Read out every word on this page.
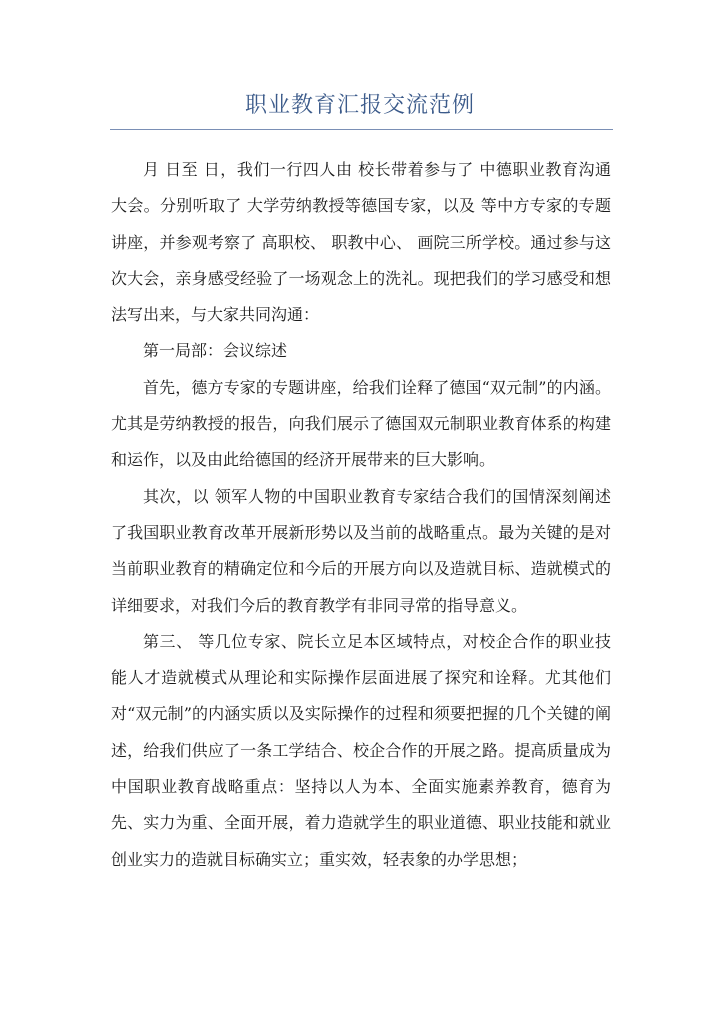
职业教育汇报交流范例

月 日至 日，我们一行四人由 校长带着参与了 中德职业教育沟通大会。分别听取了 大学劳纳教授等德国专家，以及 等中方专家的专题讲座，并参观考察了 高职校、 职教中心、 画院三所学校。通过参与这次大会，亲身感受经验了一场观念上的洗礼。现把我们的学习感受和想法写出来，与大家共同沟通：

第一局部：会议综述

首先，德方专家的专题讲座，给我们诠释了德国“双元制”的内涵。 尤其是劳纳教授的报告，向我们展示了德国双元制职业教育体系的构建和运作，以及由此给德国的经济开展带来的巨大影响。

其次，以 领军人物的中国职业教育专家结合我们的国情深刻阐述了我国职业教育改革开展新形势以及当前的战略重点。最为关键的是对当前职业教育的精确定位和今后的开展方向以及造就目标、造就模式的详细要求，对我们今后的教育教学有非同寻常的指导意义。

第三、 等几位专家、院长立足本区域特点，对校企合作的职业技能人才造就模式从理论和实际操作层面进展了探究和诠释。尤其他们对“双元制”的内涵实质以及实际操作的过程和须要把握的几个关键的阐述，给我们供应了一条工学结合、校企合作的开展之路。提高质量成为中国职业教育战略重点：坚持以人为本、全面实施素养教育，德育为先、实力为重、全面开展，着力造就学生的职业道德、职业技能和就业创业实力的造就目标确实立；重实效，轻表象的办学思想；
